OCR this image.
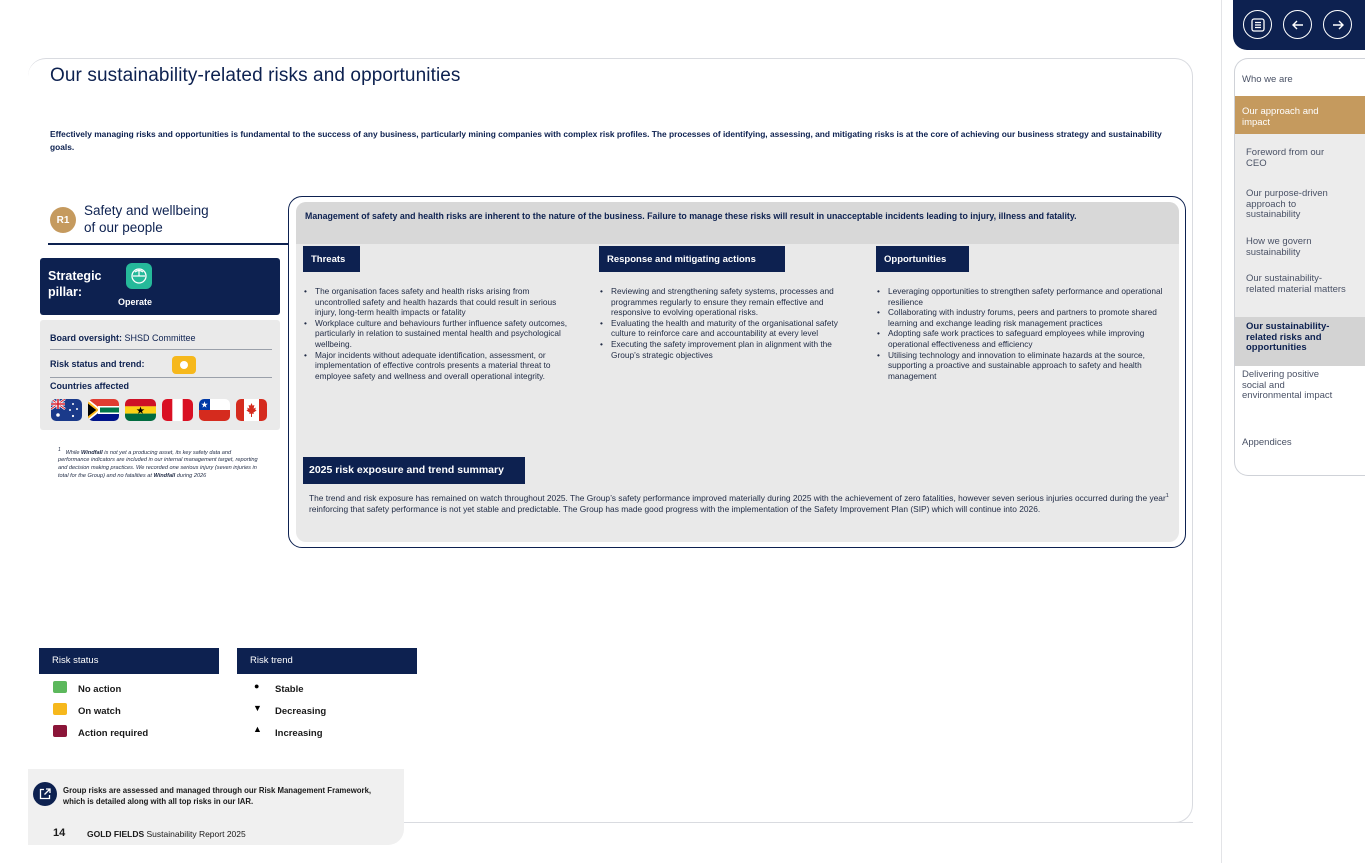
Our sustainability-related risks and opportunities

Effectively managing risks and opportunities is fundamental to the success of any business, particularly mining companies with complex risk profiles. The processes of identifying, assessing, and mitigating risks is at the core of achieving our business strategy and sustainability goals.

R1
Safety and wellbeing
of our people
Strategic
pillar:
Operate
Board oversight: SHSD Committee
Risk status and trend:
Countries affected

$^1$ While Windfall is not yet a producing asset, its key safety data and performance indicators are included in our internal management target, reporting and decision making practices. We recorded one serious injury (seven injuries in total for the Group) and no fatalities at Windfall during 2026

Management of safety and health risks are inherent to the nature of the business. Failure to manage these risks will result in unacceptable incidents leading to injury, illness and fatality.

Threats
• The organisation faces safety and health risks arising from uncontrolled safety and health hazards that could result in serious injury, long-term health impacts or fatality
• Workplace culture and behaviours further influence safety outcomes, particularly in relation to sustained mental health and psychological wellbeing.
• Major incidents without adequate identification, assessment, or implementation of effective controls presents a material threat to employee safety and wellness and overall operational integrity.
Response and mitigating actions
• Reviewing and strengthening safety systems, processes and programmes regularly to ensure they remain effective and responsive to evolving operational risks.
• Evaluating the health and maturity of the organisational safety culture to reinforce care and accountability at every level
• Executing the safety improvement plan in alignment with the Group’s strategic objectives
Opportunities
• Leveraging opportunities to strengthen safety performance and operational resilience
• Collaborating with industry forums, peers and partners to promote shared learning and exchange leading risk management practices
• Adopting safe work practices to safeguard employees while improving operational effectiveness and efficiency
• Utilising technology and innovation to eliminate hazards at the source, supporting a proactive and sustainable approach to safety and health management
2025 risk exposure and trend summary

The trend and risk exposure has remained on watch throughout 2025. The Group’s safety performance improved materially during 2025 with the achievement of zero fatalities, however seven serious injuries occurred during the year$^1$ reinforcing that safety performance is not yet stable and predictable. The Group has made good progress with the implementation of the Safety Improvement Plan (SIP) which will continue into 2026.

Risk status	Risk trend
No action
On watch
Action required
● Stable
▼ Decreasing
▲ Increasing

Group risks are assessed and managed through our Risk Management Framework, which is detailed along with all top risks in our IAR.

14	GOLD FIELDS Sustainability Report 2025
Who we are
Our approach and impact
Foreword from our CEO
Our purpose-driven approach to sustainability
How we govern sustainability
Our sustainability-related material matters
Our sustainability-related risks and opportunities
Delivering positive social and environmental impact
Appendices
